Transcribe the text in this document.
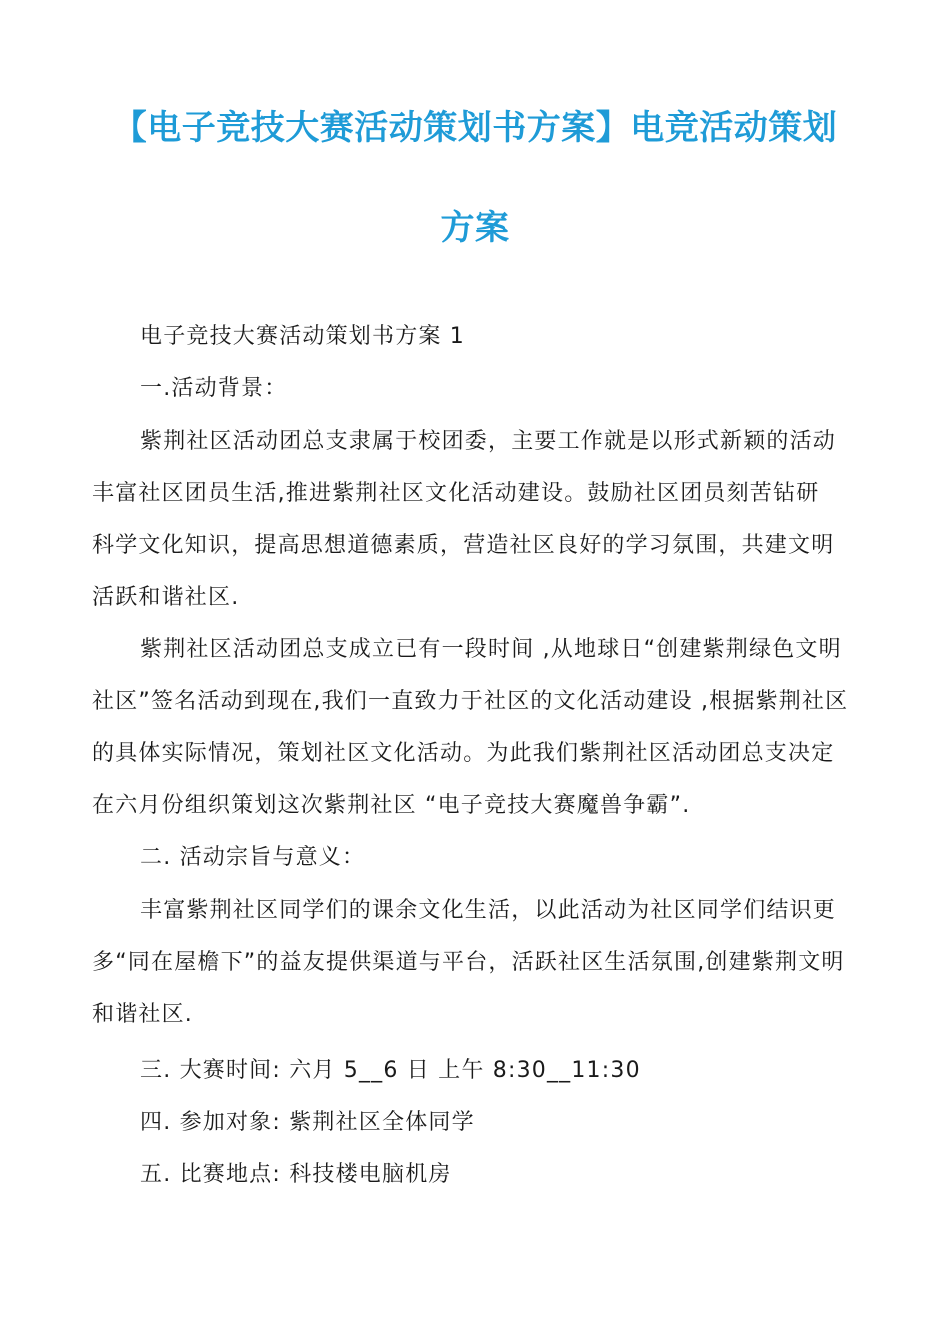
【电子竞技大赛活动策划书方案】电竞活动策划
方案
电子竞技大赛活动策划书方案 1
一.活动背景：
紫荆社区活动团总支隶属于校团委，主要工作就是以形式新颖的活动
丰富社区团员生活,推进紫荆社区文化活动建设。鼓励社区团员刻苦钻研
科学文化知识，提高思想道德素质，营造社区良好的学习氛围，共建文明
活跃和谐社区.
紫荆社区活动团总支成立已有一段时间 ,从地球日“创建紫荆绿色文明
社区”签名活动到现在,我们一直致力于社区的文化活动建设 ,根据紫荆社区
的具体实际情况，策划社区文化活动。为此我们紫荆社区活动团总支决定
在六月份组织策划这次紫荆社区 “电子竞技大赛魔兽争霸”.
二. 活动宗旨与意义：
丰富紫荆社区同学们的课余文化生活，以此活动为社区同学们结识更
多“同在屋檐下”的益友提供渠道与平台，活跃社区生活氛围,创建紫荆文明
和谐社区.
三. 大赛时间: 六月 5__6 日 上午 8:30__11:30
四. 参加对象: 紫荆社区全体同学
五. 比赛地点: 科技楼电脑机房
